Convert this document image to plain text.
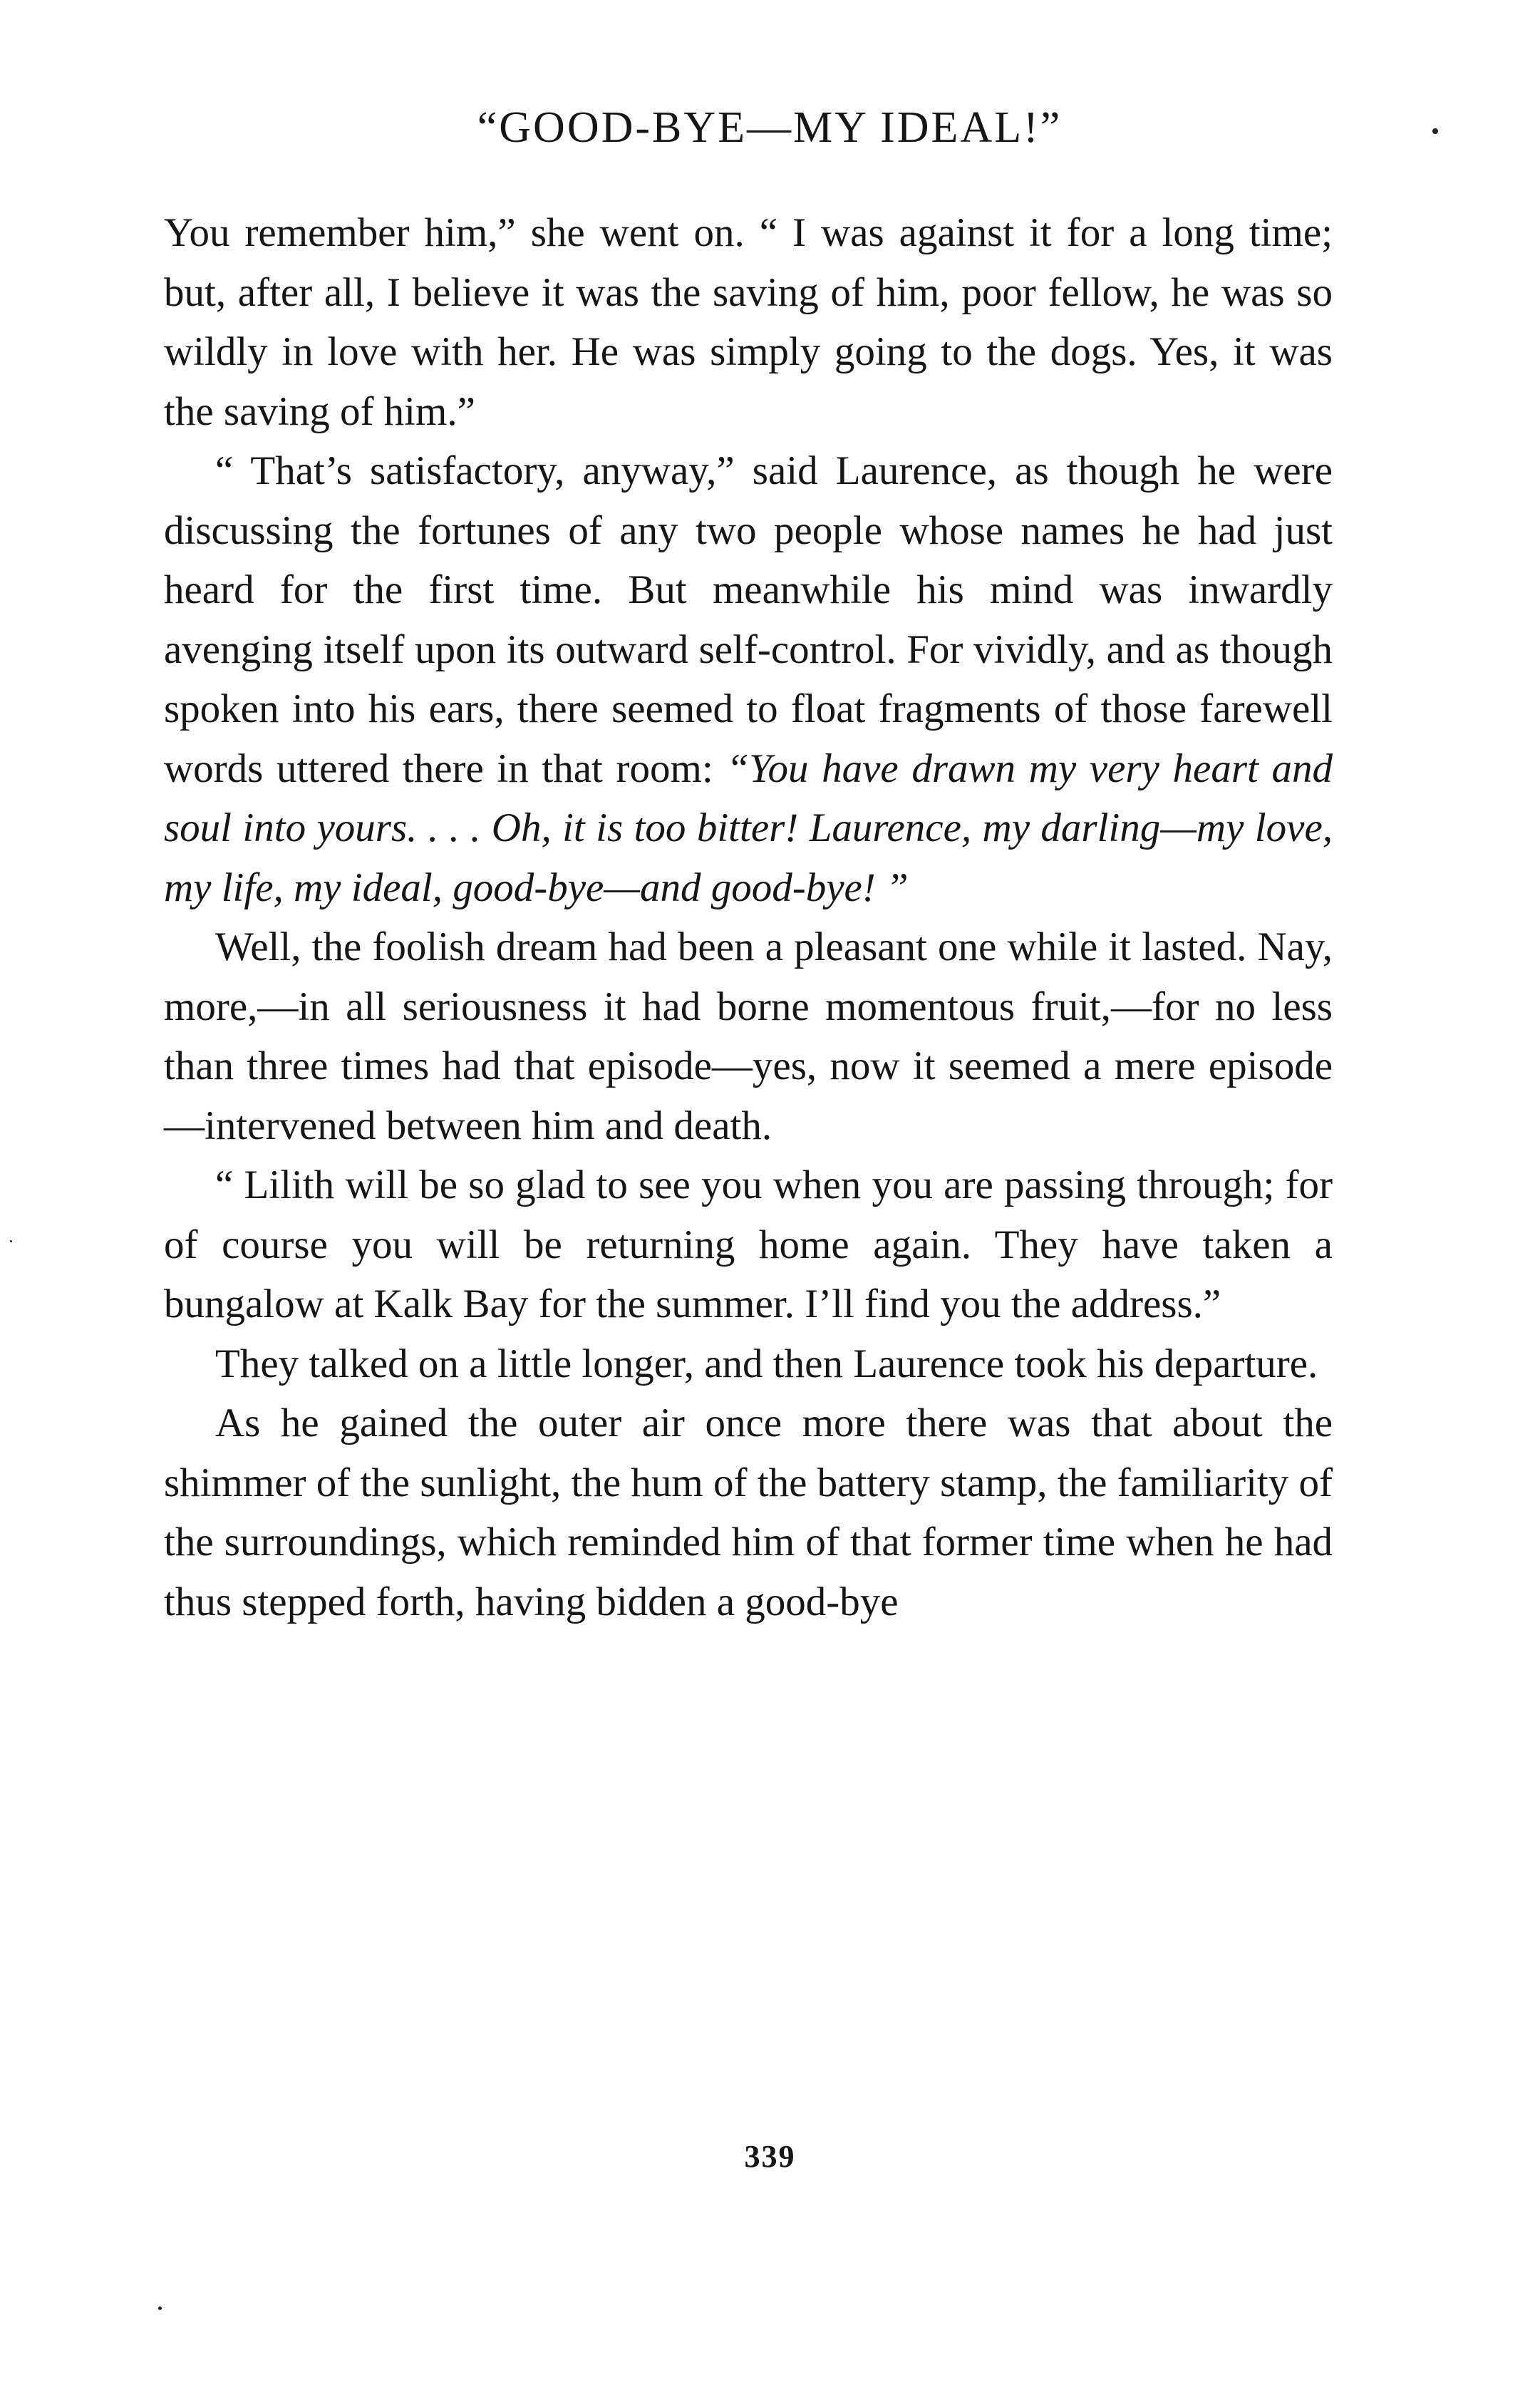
“GOOD-BYE—MY IDEAL!”

You remember him,” she went on. “ I was against it for a long time; but, after all, I believe it was the saving of him, poor fellow, he was so wildly in love with her. He was simply going to the dogs. Yes, it was the saving of him.”

“ That’s satisfactory, anyway,” said Laurence, as though he were discussing the fortunes of any two people whose names he had just heard for the first time. But meanwhile his mind was inwardly avenging itself upon its outward self-control. For vividly, and as though spoken into his ears, there seemed to float fragments of those farewell words uttered there in that room: “You have drawn my very heart and soul into yours. . . . Oh, it is too bitter! Laurence, my darling—my love, my life, my ideal, good-bye—and good-bye! ”

Well, the foolish dream had been a pleasant one while it lasted. Nay, more,—in all seriousness it had borne momentous fruit,—for no less than three times had that episode—yes, now it seemed a mere episode —intervened between him and death.

“ Lilith will be so glad to see you when you are passing through; for of course you will be returning home again. They have taken a bungalow at Kalk Bay for the summer. I’ll find you the address.”

They talked on a little longer, and then Laurence took his departure.

As he gained the outer air once more there was that about the shimmer of the sunlight, the hum of the battery stamp, the familiarity of the surroundings, which reminded him of that former time when he had thus stepped forth, having bidden a good-bye

339
